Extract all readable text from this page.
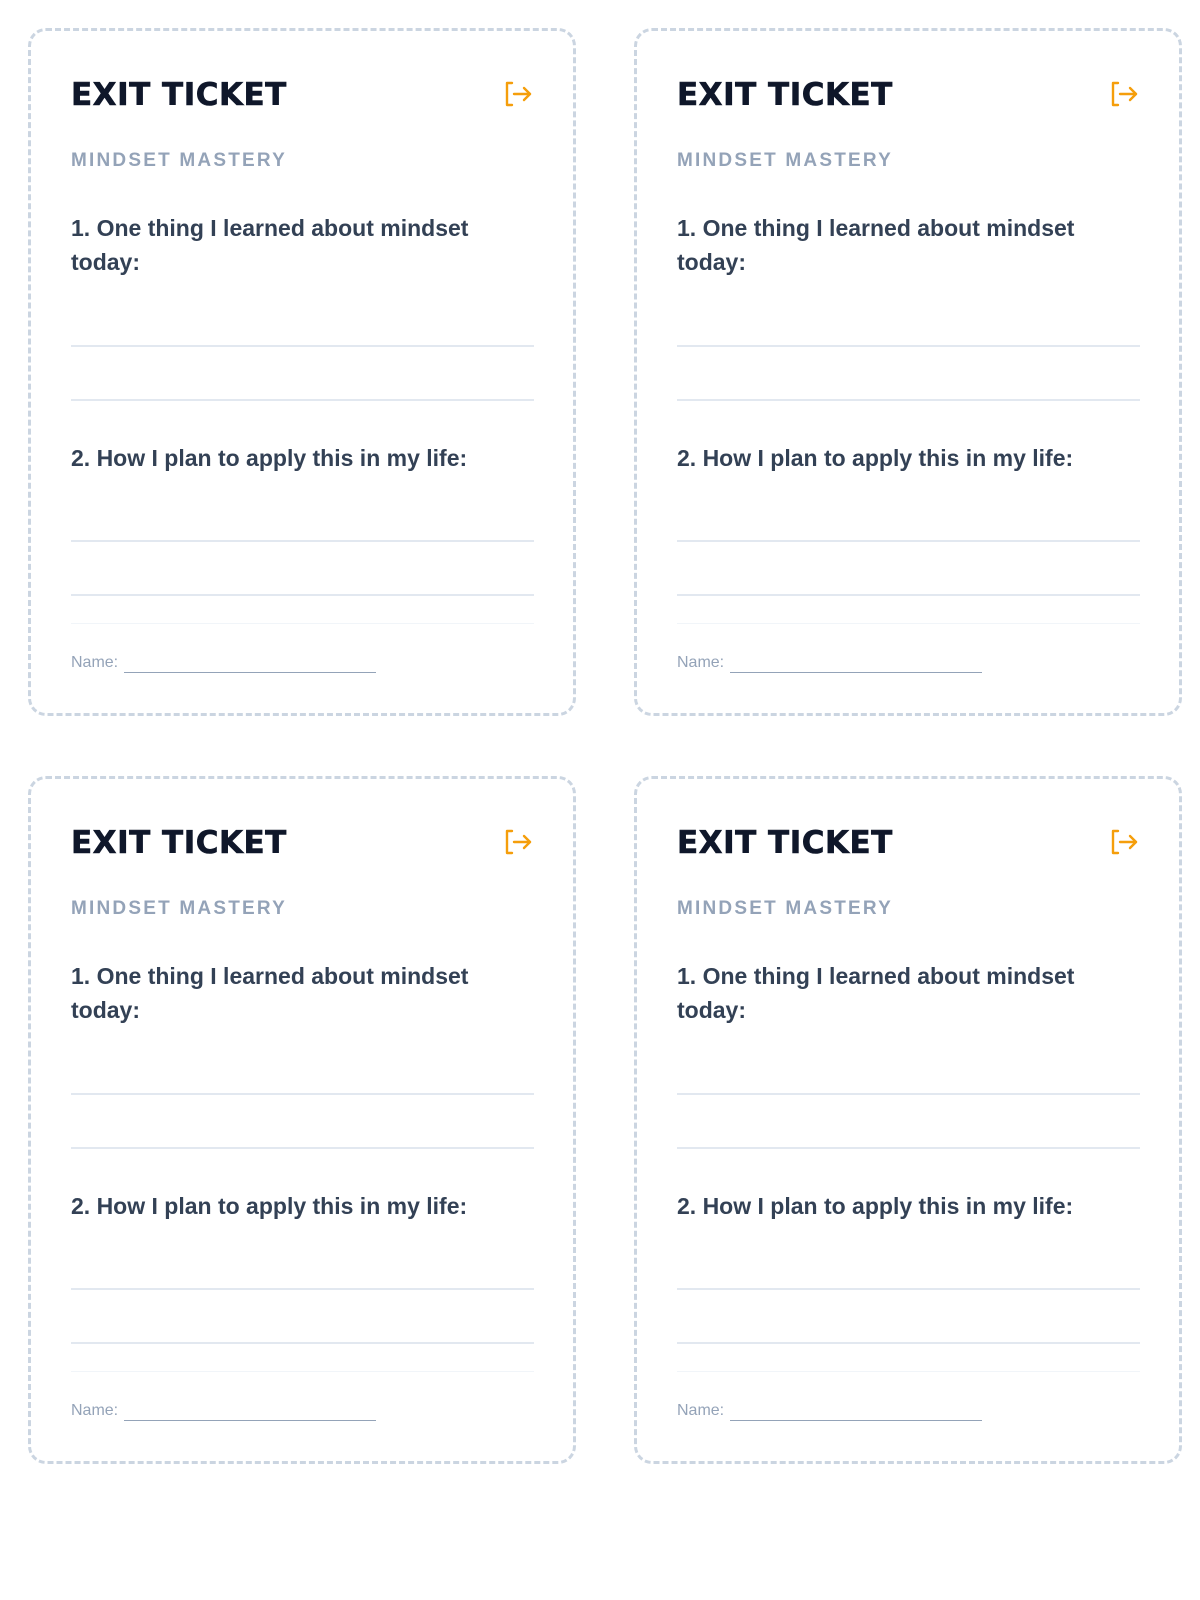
EXIT TICKET
MINDSET MASTERY
1. One thing I learned about mindset today:
2. How I plan to apply this in my life:
Name:
EXIT TICKET
MINDSET MASTERY
1. One thing I learned about mindset today:
2. How I plan to apply this in my life:
Name:
EXIT TICKET
MINDSET MASTERY
1. One thing I learned about mindset today:
2. How I plan to apply this in my life:
Name:
EXIT TICKET
MINDSET MASTERY
1. One thing I learned about mindset today:
2. How I plan to apply this in my life:
Name:
